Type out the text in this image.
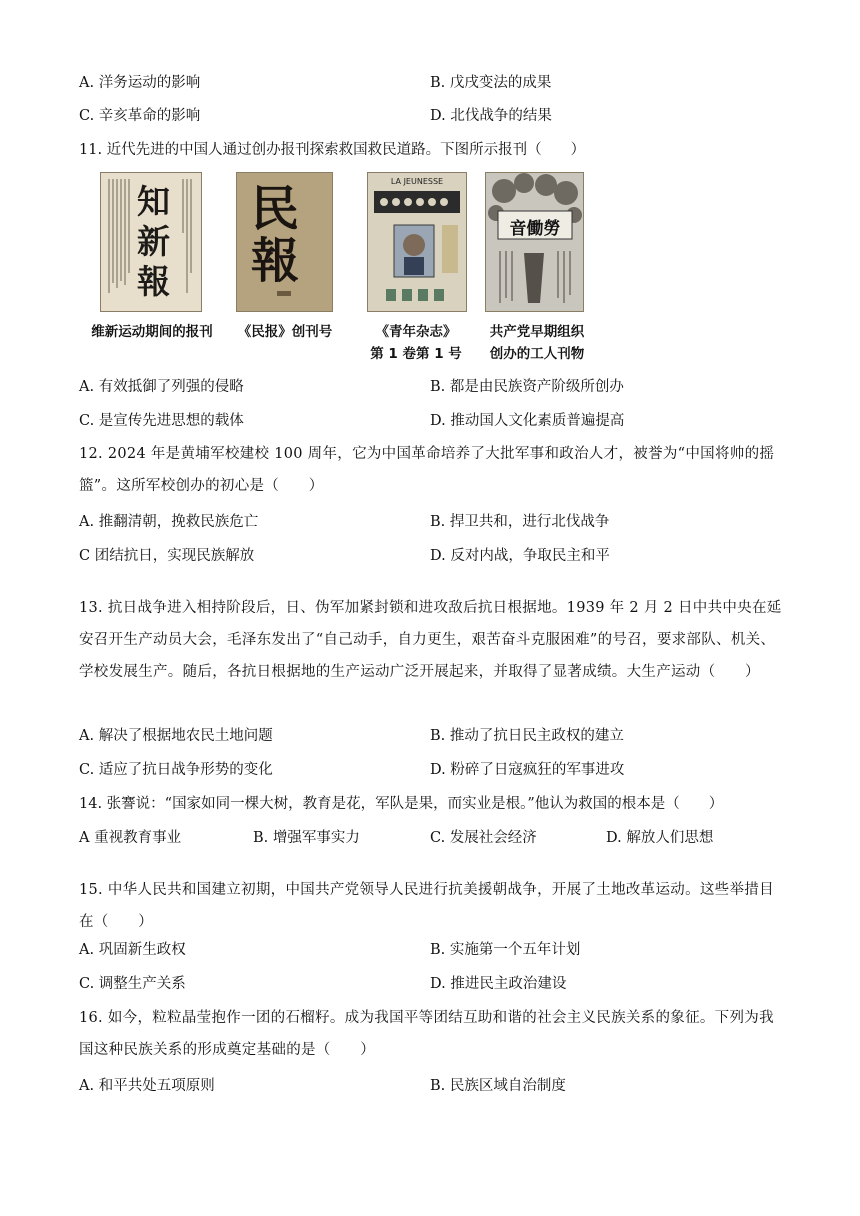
A. 洋务运动的影响	B. 戊戌变法的成果
C. 辛亥革命的影响	D. 北伐战争的结果
11. 近代先进的中国人通过创办报刊探索救国救民道路。下图所示报刊（　　）
知
新
報
民
報
LA JEUNESSE
音働勞
维新运动期间的报刊	《民报》创刊号	《青年杂志》
第 1 卷第 1 号
共产党早期组织
创办的工人刊物
A. 有效抵御了列强的侵略	B. 都是由民族资产阶级所创办
C. 是宣传先进思想的载体	D. 推动国人文化素质普遍提高
12. 2024 年是黄埔军校建校 100 周年，它为中国革命培养了大批军事和政治人才，被誉为“中国将帅的摇篮”。这所军校创办的初心是（　　）
A. 推翻清朝，挽救民族危亡	B. 捍卫共和，进行北伐战争
C 团结抗日，实现民族解放	D. 反对内战，争取民主和平
13. 抗日战争进入相持阶段后，日、伪军加紧封锁和进攻敌后抗日根据地。1939 年 2 月 2 日中共中央在延安召开生产动员大会，毛泽东发出了“自己动手，自力更生，艰苦奋斗克服困难”的号召，要求部队、机关、学校发展生产。随后，各抗日根据地的生产运动广泛开展起来，并取得了显著成绩。大生产运动（　　）
A. 解决了根据地农民土地问题	B. 推动了抗日民主政权的建立
C. 适应了抗日战争形势的变化	D. 粉碎了日寇疯狂的军事进攻
14. 张謇说：“国家如同一棵大树，教育是花，军队是果，而实业是根。”他认为救国的根本是（　　）
A 重视教育事业	B. 增强军事实力	C. 发展社会经济	D. 解放人们思想
15. 中华人民共和国建立初期，中国共产党领导人民进行抗美援朝战争，开展了土地改革运动。这些举措目在（　　）
A. 巩固新生政权	B. 实施第一个五年计划
C. 调整生产关系	D. 推进民主政治建设
16. 如今，粒粒晶莹抱作一团的石榴籽。成为我国平等团结互助和谐的社会主义民族关系的象征。下列为我国这种民族关系的形成奠定基础的是（　　）
A. 和平共处五项原则	B. 民族区域自治制度
